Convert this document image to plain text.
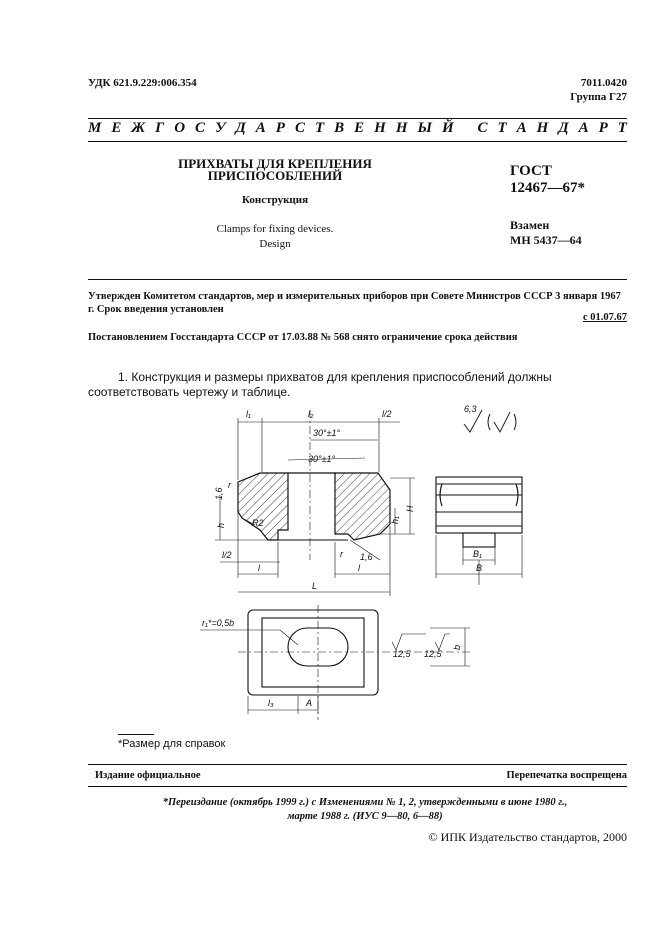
УДК 621.9.229:006.354	7011.0420
Группа Г27
М Е Ж Г О С У Д А Р С Т В Е Н Н Ы Й
С Т А Н Д А Р Т
ПРИХВАТЫ ДЛЯ КРЕПЛЕНИЯ
ПРИСПОСОБЛЕНИЙ
Конструкция
Clamps for fixing devices.
Design
ГОСТ
12467—67*
Взамен
МН 5437—64
Утвержден Комитетом стандартов, мер и измерительных приборов при Совете Министров СССР 3 января 1967 г. Срок введения установлен
с 01.07.67
Постановлением Госстандарта СССР от 17.03.88 № 568 снято ограничение срока действия
1. Конструкция и размеры прихватов для крепления приспособлений должны соответствовать чертежу и таблице.
l₁	l₂	l/2
30°±1°
30°±1°
1,6
r
h	R2	h₁
H
r 1,6
l/2
l	l
L
6,3
B₁
B
r₁*=0,5b
12,5 12,5
b
l₃	A
*Размер для справок
Издание официальное	Перепечатка воспрещена
*Переиздание (октябрь 1999 г.) с Изменениями № 1, 2, утвержденными в июне 1980 г.,
марте 1988 г. (ИУС 9—80, 6—88)
© ИПК Издательство стандартов, 2000
